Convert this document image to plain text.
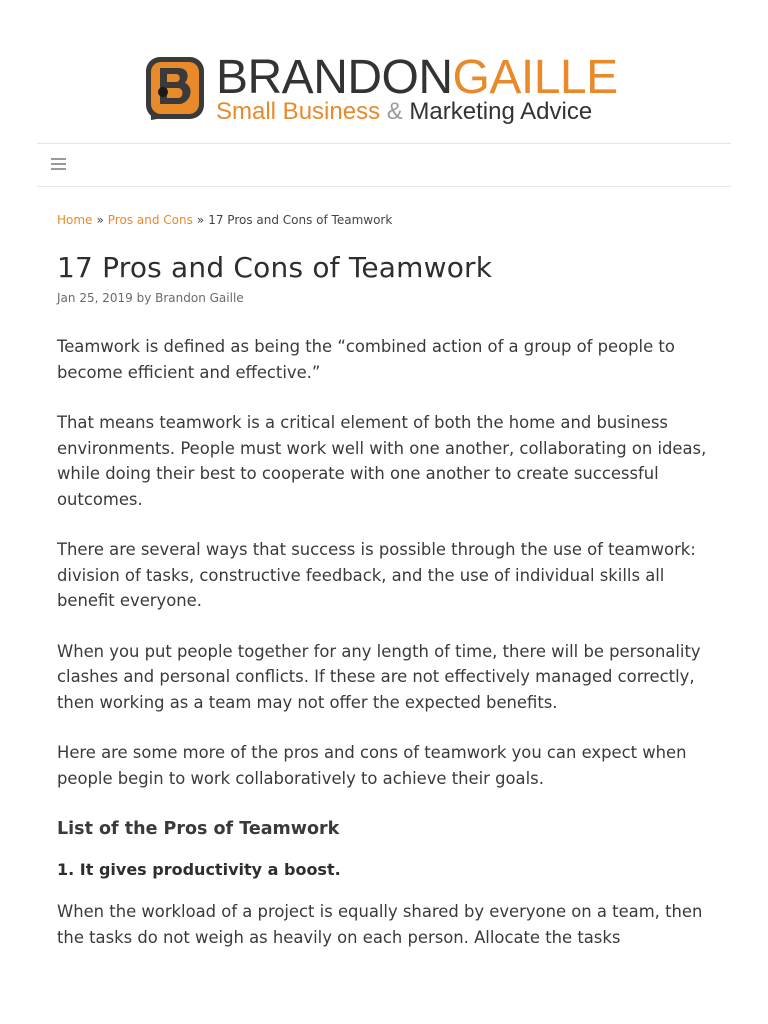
BRANDONGAILLE
Small Business & Marketing Advice
Home » Pros and Cons » 17 Pros and Cons of Teamwork
17 Pros and Cons of Teamwork
Jan 25, 2019 by Brandon Gaille

Teamwork is defined as being the “combined action of a group of people to become efficient and effective.”

That means teamwork is a critical element of both the home and business environments. People must work well with one another, collaborating on ideas, while doing their best to cooperate with one another to create successful outcomes.

There are several ways that success is possible through the use of teamwork: division of tasks, constructive feedback, and the use of individual skills all benefit everyone.

When you put people together for any length of time, there will be personality clashes and personal conflicts. If these are not effectively managed correctly, then working as a team may not offer the expected benefits.

Here are some more of the pros and cons of teamwork you can expect when people begin to work collaboratively to achieve their goals.

List of the Pros of Teamwork
1. It gives productivity a boost.

When the workload of a project is equally shared by everyone on a team, then the tasks do not weigh as heavily on each person. Allocate the tasks
